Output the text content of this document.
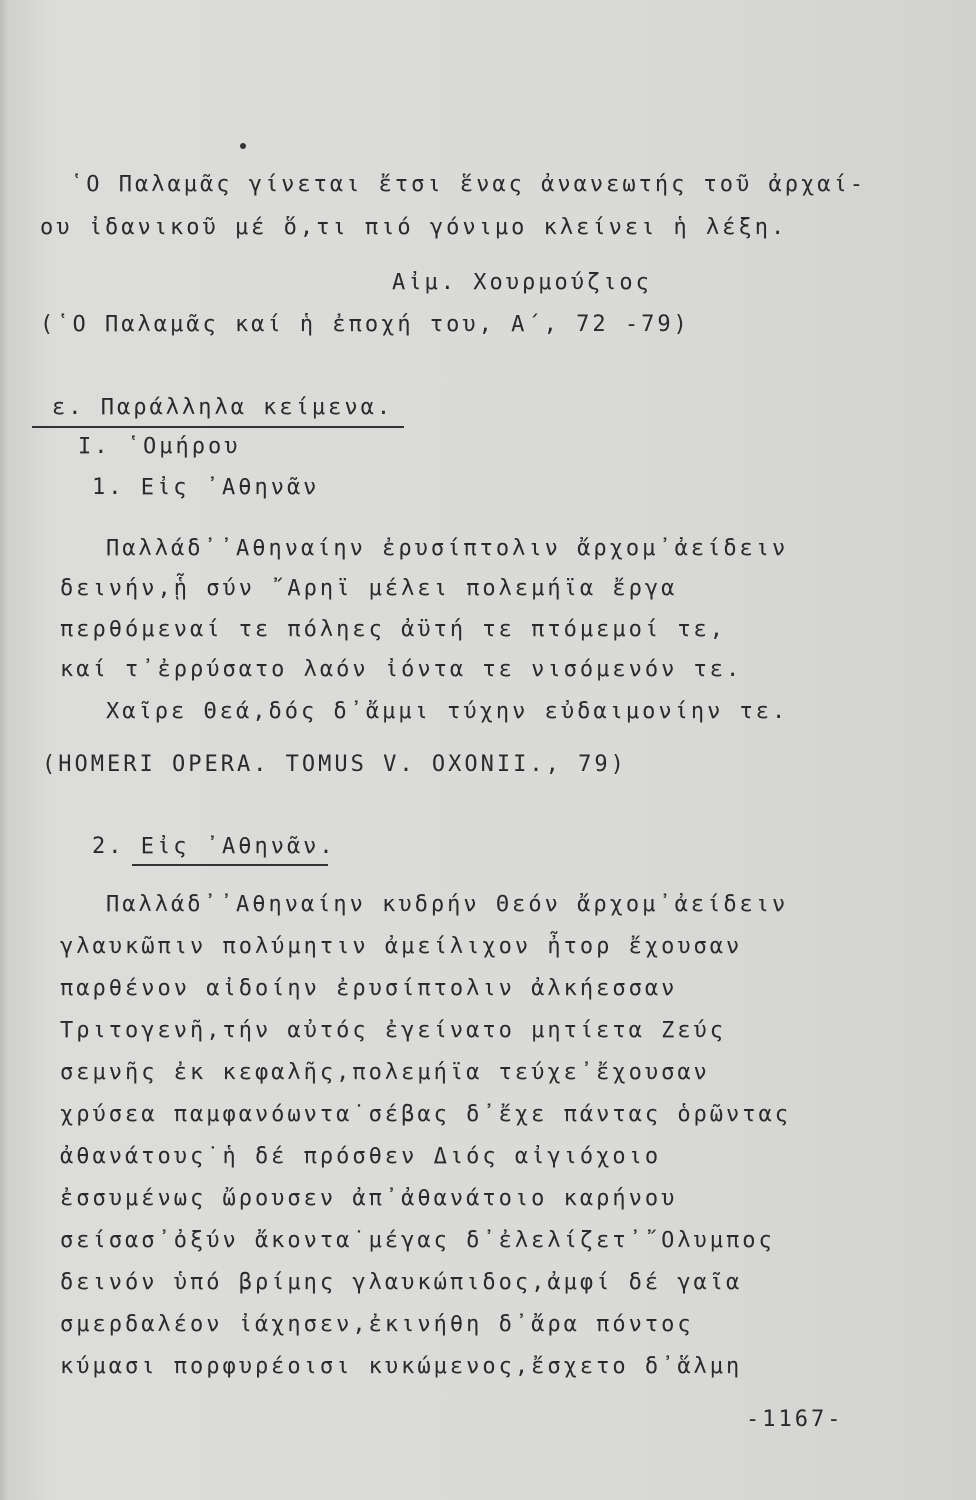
῾Ο Παλαμᾶς γίνεται ἔτσι ἕνας ἀνανεωτής τοῦ ἀρχαί-
ου ἰδανικοῦ μέ ὅ,τι πιό γόνιμο κλείνει ἡ λέξη.
Αἰμ. Χουρμούζιος
(῾Ο Παλαμᾶς καί ἡ ἐποχή του, Α΄, 72 -79)
ε. Παράλληλα κείμενα.
Ι. ῾Ομήρου
1. Εἰς ᾿Αθηνᾶν
Παλλάδ᾿᾿Αθηναίην ἐρυσίπτολιν ἄρχομ᾿ἀείδειν
δεινήν,ᾗ σύν ῎Αρηϊ μέλει πολεμήϊα ἔργα
περθόμεναί τε πόληες ἀϋτή τε πτόμεμοί τε,
καί τ᾿ἐρρύσατο λαόν ἰόντα τε νισόμενόν τε.
Χαῖρε Θεά,δός δ᾿ἄμμι τύχην εὐδαιμονίην τε.
(HOMERI OPERA. TOMUS V. OXONII., 79)
2. Εἰς ᾿Αθηνᾶν.
Παλλάδ᾿᾿Αθηναίην κυδρήν Θεόν ἄρχομ᾿ἀείδειν
γλαυκῶπιν πολύμητιν ἀμείλιχον ἦτορ ἔχουσαν
παρθένον αἰδοίην ἐρυσίπτολιν ἀλκήεσσαν
Τριτογενῆ,τήν αὐτός ἐγείνατο μητίετα Ζεύς
σεμνῆς ἐκ κεφαλῆς,πολεμήϊα τεύχε᾿ἔχουσαν
χρύσεα παμφανόωντα˙σέβας δ᾿ἔχε πάντας ὁρῶντας
ἀθανάτους˙ἡ δέ πρόσθεν Διός αἰγιόχοιο
ἐσσυμένως ὤρουσεν ἀπ᾿ἀθανάτοιο καρήνου
σείσασ᾿ὀξύν ἄκοντα˙μέγας δ᾿ἐλελίζετ᾿῎Ολυμπος
δεινόν ὑπό βρίμης γλαυκώπιδος,ἀμφί δέ γαῖα
σμερδαλέον ἰάχησεν,ἐκινήθη δ᾿ἄρα πόντος
κύμασι πορφυρέοισι κυκώμενος,ἔσχετο δ᾿ἅλμη
-1167-
